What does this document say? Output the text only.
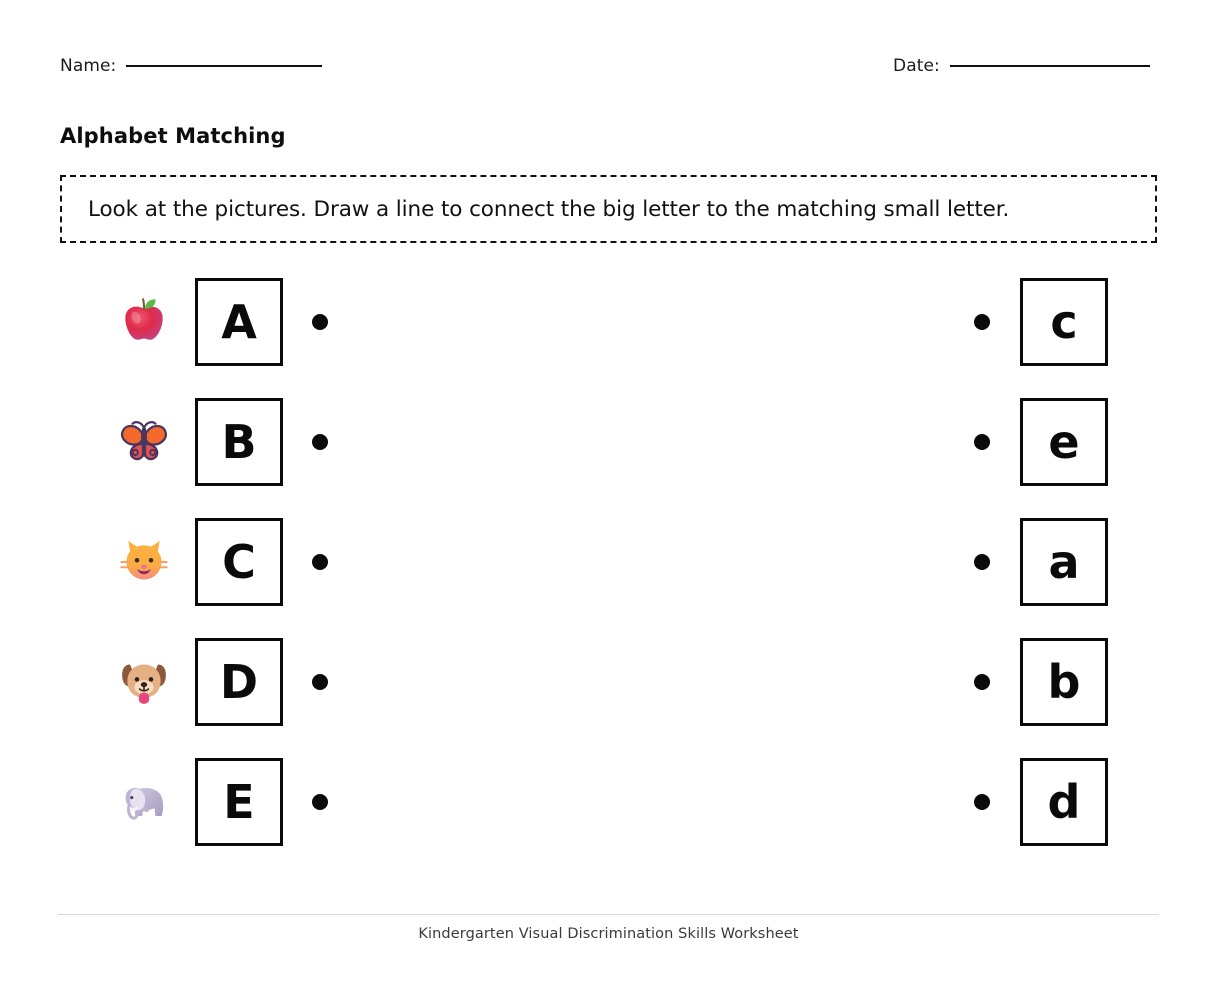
Name:	Date:
Alphabet Matching
Look at the pictures. Draw a line to connect the big letter to the matching small letter.
A	c
B	e
C	a
D	b
E	d
Kindergarten Visual Discrimination Skills Worksheet
